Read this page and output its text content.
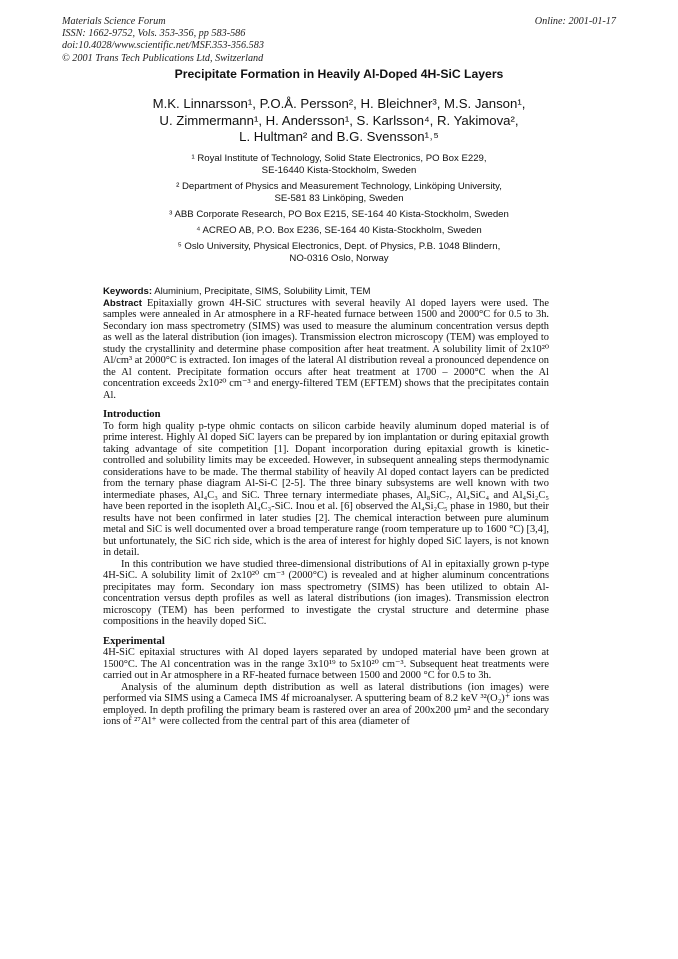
Materials Science Forum
ISSN: 1662-9752, Vols. 353-356, pp 583-586
doi:10.4028/www.scientific.net/MSF.353-356.583
© 2001 Trans Tech Publications Ltd, Switzerland
Online: 2001-01-17
Precipitate Formation in Heavily Al-Doped 4H-SiC Layers
M.K. Linnarsson¹, P.O.Å. Persson², H. Bleichner³, M.S. Janson¹,
U. Zimmermann¹, H. Andersson¹, S. Karlsson⁴, R. Yakimova²,
L. Hultman² and B.G. Svensson¹˒⁵
¹ Royal Institute of Technology, Solid State Electronics, PO Box E229,
SE-16440 Kista-Stockholm, Sweden
² Department of Physics and Measurement Technology, Linköping University,
SE-581 83 Linköping, Sweden
³ ABB Corporate Research, PO Box E215, SE-164 40 Kista-Stockholm, Sweden
⁴ ACREO AB, P.O. Box E236, SE-164 40 Kista-Stockholm, Sweden
⁵ Oslo University, Physical Electronics, Dept. of Physics, P.B. 1048 Blindern,
NO-0316 Oslo, Norway

Keywords: Aluminium, Precipitate, SIMS, Solubility Limit, TEM

Abstract Epitaxially grown 4H-SiC structures with several heavily Al doped layers were used. The samples were annealed in Ar atmosphere in a RF-heated furnace between 1500 and 2000°C for 0.5 to 3h. Secondary ion mass spectrometry (SIMS) was used to measure the aluminum concentration versus depth as well as the lateral distribution (ion images). Transmission electron microscopy (TEM) was employed to study the crystallinity and determine phase composition after heat treatment. A solubility limit of 2x10²⁰ Al/cm³ at 2000°C is extracted. Ion images of the lateral Al distribution reveal a pronounced dependence on the Al content. Precipitate formation occurs after heat treatment at 1700 – 2000°C when the Al concentration exceeds 2x10²⁰ cm⁻³ and energy-filtered TEM (EFTEM) shows that the precipitates contain Al.

Introduction

To form high quality p-type ohmic contacts on silicon carbide heavily aluminum doped material is of prime interest. Highly Al doped SiC layers can be prepared by ion implantation or during epitaxial growth taking advantage of site competition [1]. Dopant incorporation during epitaxial growth is kinetic-controlled and solubility limits may be exceeded. However, in subsequent annealing steps thermodynamic considerations have to be made. The thermal stability of heavily Al doped contact layers can be predicted from the ternary phase diagram Al-Si-C [2-5]. The three binary subsystems are well known with two intermediate phases, Al₄C₃ and SiC. Three ternary intermediate phases, Al₈SiC₇, Al₄SiC₄ and Al₄Si₂C₅ have been reported in the isopleth Al₄C₃-SiC. Inou et al. [6] observed the Al₄Si₂C₅ phase in 1980, but their results have not been confirmed in later studies [2]. The chemical interaction between pure aluminum metal and SiC is well documented over a broad temperature range (room temperature up to 1600 °C) [3,4], but unfortunately, the SiC rich side, which is the area of interest for highly doped SiC layers, is not known in detail.

In this contribution we have studied three-dimensional distributions of Al in epitaxially grown p-type 4H-SiC. A solubility limit of 2x10²⁰ cm⁻³ (2000°C) is revealed and at higher aluminum concentrations precipitates may form. Secondary ion mass spectrometry (SIMS) has been utilized to obtain Al-concentration versus depth profiles as well as lateral distributions (ion images). Transmission electron microscopy (TEM) has been performed to investigate the crystal structure and determine phase compositions in the heavily doped SiC.

Experimental

4H-SiC epitaxial structures with Al doped layers separated by undoped material have been grown at 1500°C. The Al concentration was in the range 3x10¹⁹ to 5x10²⁰ cm⁻³. Subsequent heat treatments were carried out in Ar atmosphere in a RF-heated furnace between 1500 and 2000 °C for 0.5 to 3h.

Analysis of the aluminum depth distribution as well as lateral distributions (ion images) were performed via SIMS using a Cameca IMS 4f microanalyser. A sputtering beam of 8.2 keV ³²(O₂)⁺ ions was employed. In depth profiling the primary beam is rastered over an area of 200x200 μm² and the secondary ions of ²⁷Al⁺ were collected from the central part of this area (diameter of
